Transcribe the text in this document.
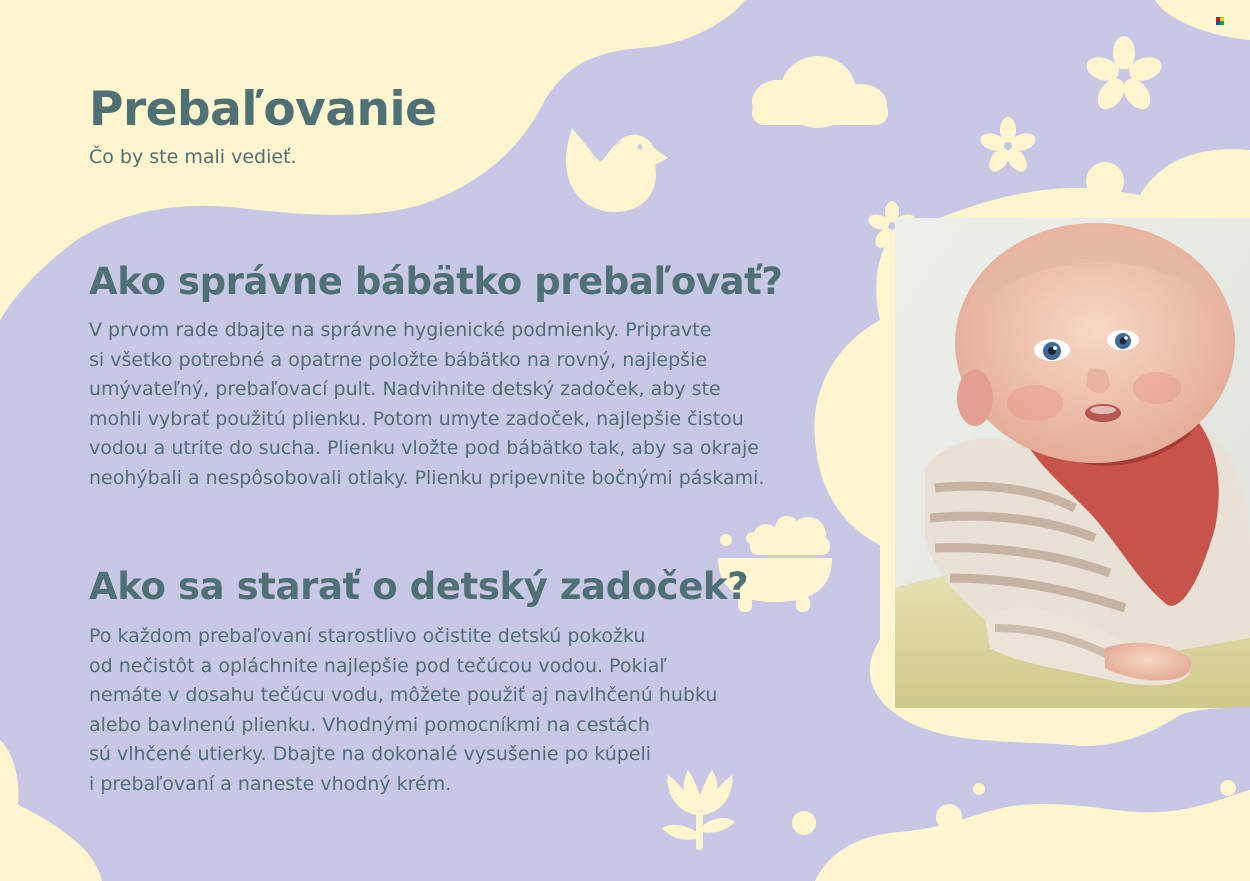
Prebaľovanie

Čo by ste mali vedieť.

Ako správne bábätko prebaľovať?
V prvom rade dbajte na správne hygienické podmienky. Pripravte
si všetko potrebné a opatrne položte bábätko na rovný, najlepšie
umývateľný, prebaľovací pult. Nadvihnite detský zadoček, aby ste
mohli vybrať použitú plienku. Potom umyte zadoček, najlepšie čistou
vodou a utrite do sucha. Plienku vložte pod bábätko tak, aby sa okraje
neohýbali a nespôsobovali otlaky. Plienku pripevnite bočnými páskami.
Ako sa starať o detský zadoček?
Po každom prebaľovaní starostlivo očistite detskú pokožku
od nečistôt a opláchnite najlepšie pod tečúcou vodou. Pokiaľ
nemáte v dosahu tečúcu vodu, môžete použiť aj navlhčenú hubku
alebo bavlnenú plienku. Vhodnými pomocníkmi na cestách
sú vlhčené utierky. Dbajte na dokonalé vysušenie po kúpeli
i prebaľovaní a naneste vhodný krém.
